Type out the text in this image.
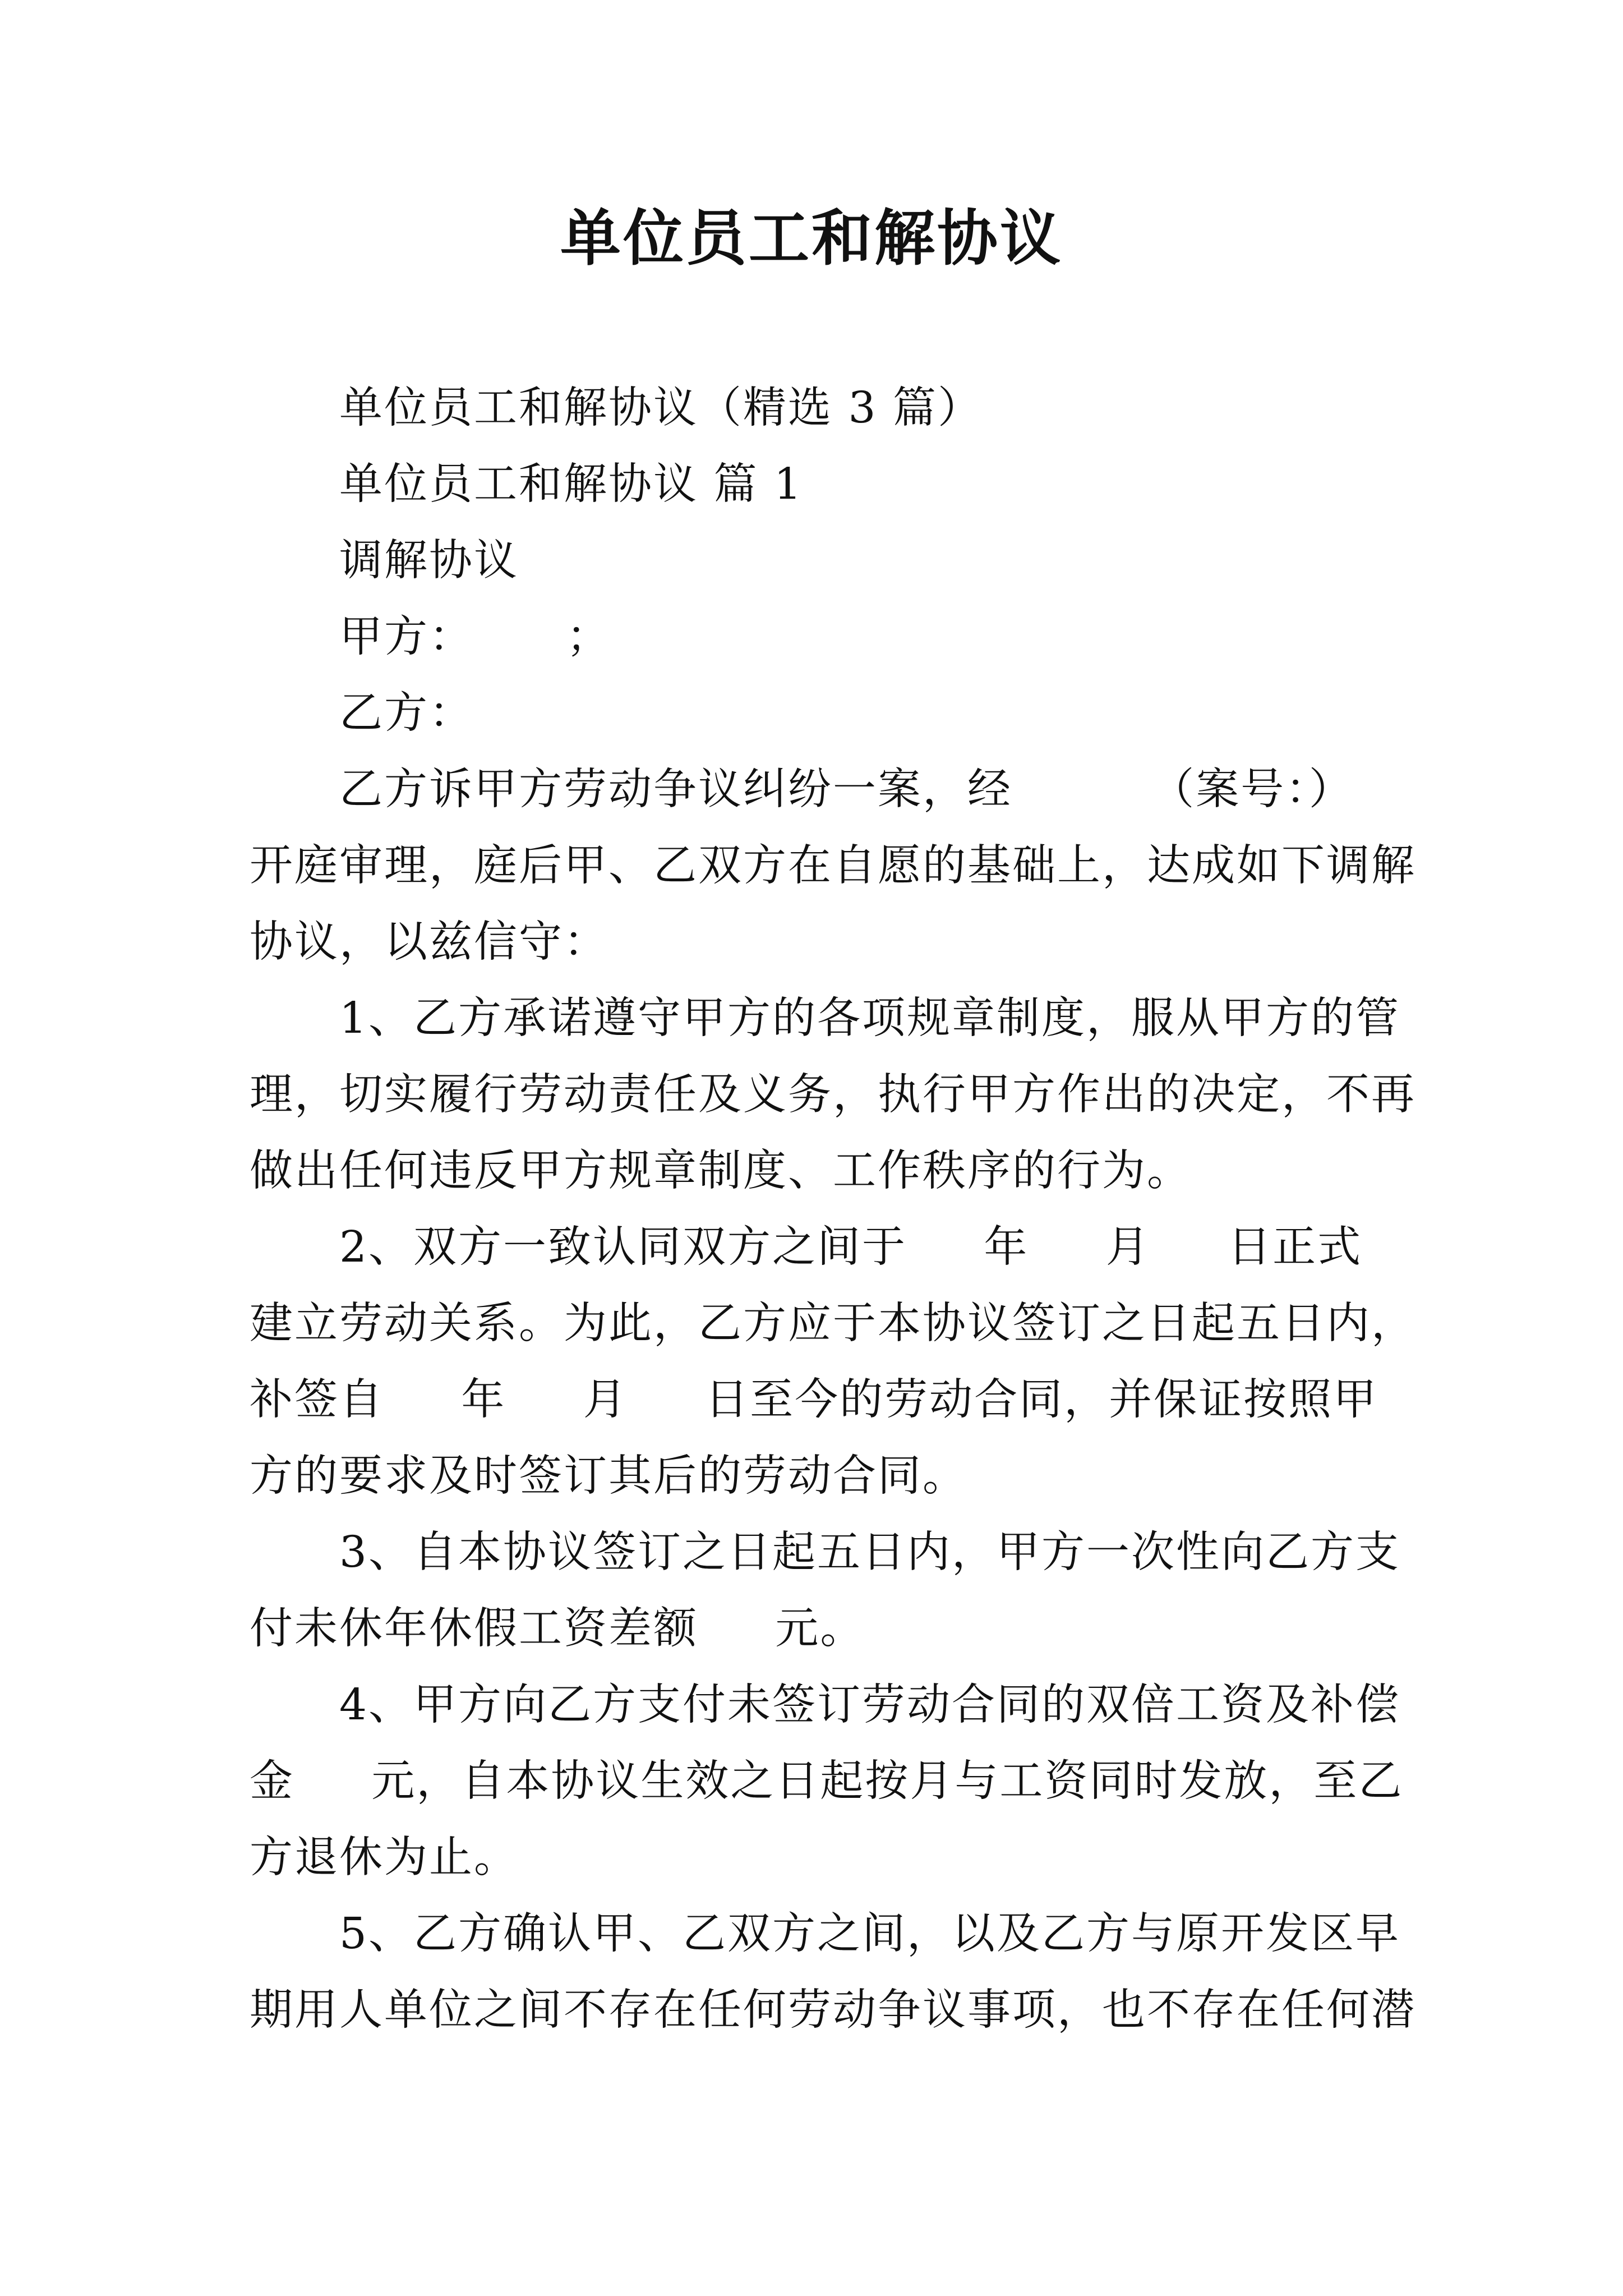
单位员工和解协议

单位员工和解协议（精选 3 篇）

单位员工和解协议 篇 1

调解协议

甲方：      ；

乙方：

乙方诉甲方劳动争议纠纷一案，经         （案号：）

开庭审理，庭后甲、乙双方在自愿的基础上，达成如下调解

协议，以兹信守：

1、乙方承诺遵守甲方的各项规章制度，服从甲方的管

理，切实履行劳动责任及义务，执行甲方作出的决定，不再

做出任何违反甲方规章制度、工作秩序的行为。

2、双方一致认同双方之间于     年     月     日正式

建立劳动关系。为此，乙方应于本协议签订之日起五日内，

补签自     年     月     日至今的劳动合同，并保证按照甲

方的要求及时签订其后的劳动合同。

3、自本协议签订之日起五日内，甲方一次性向乙方支

付未休年休假工资差额     元。

4、甲方向乙方支付未签订劳动合同的双倍工资及补偿

金     元，自本协议生效之日起按月与工资同时发放，至乙

方退休为止。

5、乙方确认甲、乙双方之间，以及乙方与原开发区早

期用人单位之间不存在任何劳动争议事项，也不存在任何潜
